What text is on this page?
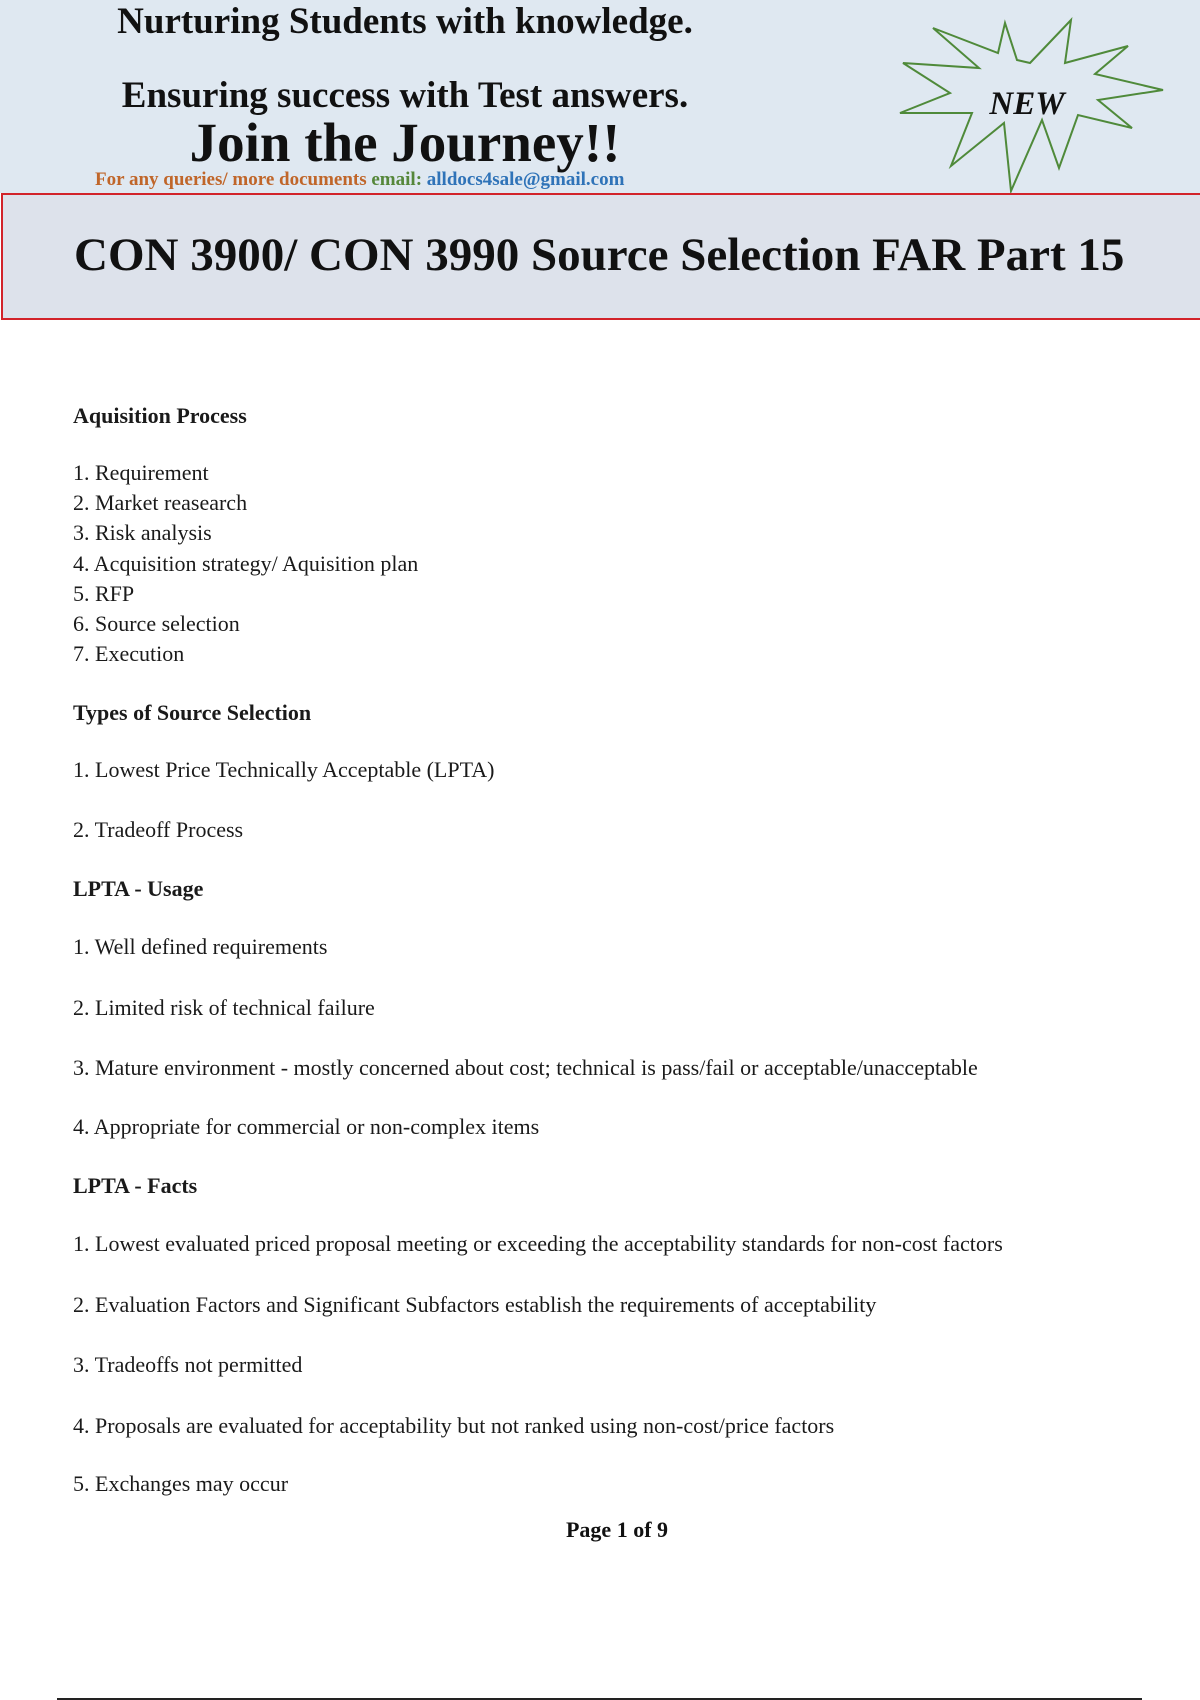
Nurturing Students with knowledge.
Ensuring success with Test answers.
Join the Journey!!
For any queries/ more documents email: alldocs4sale@gmail.com
NEW
CON 3900/ CON 3990 Source Selection FAR Part 15
Aquisition Process
1. Requirement
2. Market reasearch
3. Risk analysis
4. Acquisition strategy/ Aquisition plan
5. RFP
6. Source selection
7. Execution
Types of Source Selection
1. Lowest Price Technically Acceptable (LPTA)
2. Tradeoff Process
LPTA - Usage
1. Well defined requirements
2. Limited risk of technical failure
3. Mature environment - mostly concerned about cost; technical is pass/fail or acceptable/unacceptable
4. Appropriate for commercial or non-complex items
LPTA - Facts
1. Lowest evaluated priced proposal meeting or exceeding the acceptability standards for non-cost factors
2. Evaluation Factors and Significant Subfactors establish the requirements of acceptability
3. Tradeoffs not permitted
4. Proposals are evaluated for acceptability but not ranked using non-cost/price factors
5. Exchanges may occur
Page 1 of 9
